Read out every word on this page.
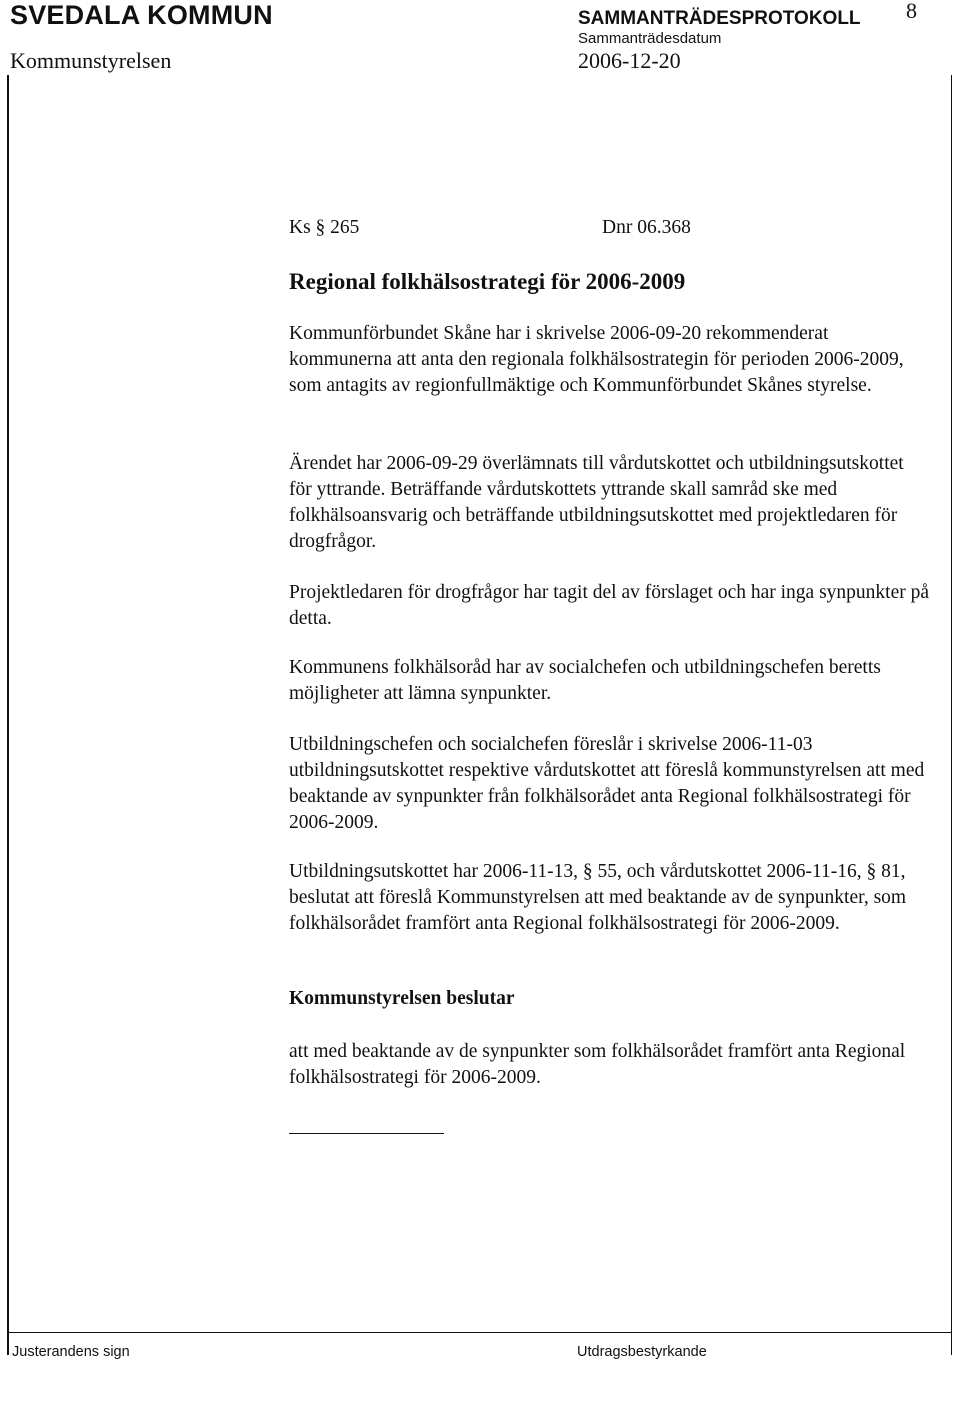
SVEDALA KOMMUN	SAMMANTRÄDESPROTOKOLL 8
Kommunstyrelsen
Sammanträdesdatum
2006-12-20
Ks § 265	Dnr 06.368
Regional folkhälsostrategi för 2006-2009
Kommunförbundet Skåne har i skrivelse 2006-09-20 rekommenderat kommunerna att anta den regionala folkhälsostrategin för perioden 2006-2009, som antagits av regionfullmäktige och Kommunförbundet Skånes styrelse.
Ärendet har 2006-09-29 överlämnats till vårdutskottet och utbildningsutskottet för yttrande. Beträffande vårdutskottets yttrande skall samråd ske med folkhälsoansvarig och beträffande utbildningsutskottet med projektledaren för drogfrågor.
Projektledaren för drogfrågor har tagit del av förslaget och har inga synpunkter på detta.
Kommunens folkhälsoråd har av socialchefen och utbildningschefen beretts möjligheter att lämna synpunkter.
Utbildningschefen och socialchefen föreslår i skrivelse 2006-11-03 utbildningsutskottet respektive vårdutskottet att föreslå kommunstyrelsen att med beaktande av synpunkter från folkhälsorådet anta Regional folkhälsostrategi för 2006-2009.
Utbildningsutskottet har 2006-11-13, § 55, och vårdutskottet 2006-11-16, § 81, beslutat att föreslå Kommunstyrelsen att med beaktande av de synpunkter, som folkhälsorådet framfört anta Regional folkhälsostrategi för 2006-2009.
Kommunstyrelsen beslutar
att med beaktande av de synpunkter som folkhälsorådet framfört anta Regional folkhälsostrategi för 2006-2009.
Justerandens sign	Utdragsbestyrkande
